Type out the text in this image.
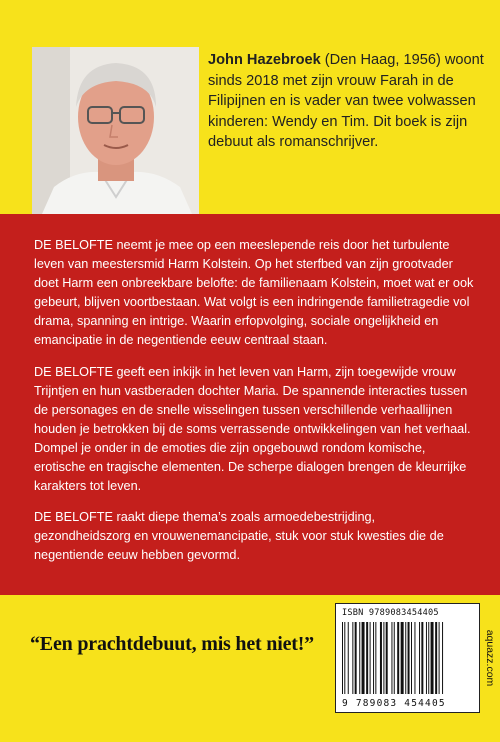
John Hazebroek (Den Haag, 1956) woont sinds 2018 met zijn vrouw Farah in de Filipijnen en is vader van twee volwassen kinderen: Wendy en Tim. Dit boek is zijn debuut als romanschrijver.

DE BELOFTE neemt je mee op een meeslepende reis door het turbulente leven van meestersmid Harm Kolstein. Op het sterfbed van zijn grootvader doet Harm een onbreekbare belofte: de familienaam Kolstein, moet wat er ook gebeurt, blijven voortbestaan. Wat volgt is een indringende familietragedie vol drama, spanning en intrige. Waarin erfopvolging, sociale ongelijkheid en emancipatie in de negentiende eeuw centraal staan.

DE BELOFTE geeft een inkijk in het leven van Harm, zijn toegewijde vrouw Trijntjen en hun vastberaden dochter Maria. De spannende interacties tussen de personages en de snelle wisselingen tussen verschillende verhaallijnen houden je betrokken bij de soms verrassende ontwikkelingen van het verhaal. Dompel je onder in de emoties die zijn opgebouwd rondom komische, erotische en tragische elementen. De scherpe dialogen brengen de kleurrijke karakters tot leven.

DE BELOFTE raakt diepe thema’s zoals armoedebestrijding, gezondheidszorg en vrouwenemancipatie, stuk voor stuk kwesties die de negentiende eeuw hebben gevormd.

“Een prachtdebuut, mis het niet!”
ISBN 9789083454405
9 789083 454405
aquazz.com
